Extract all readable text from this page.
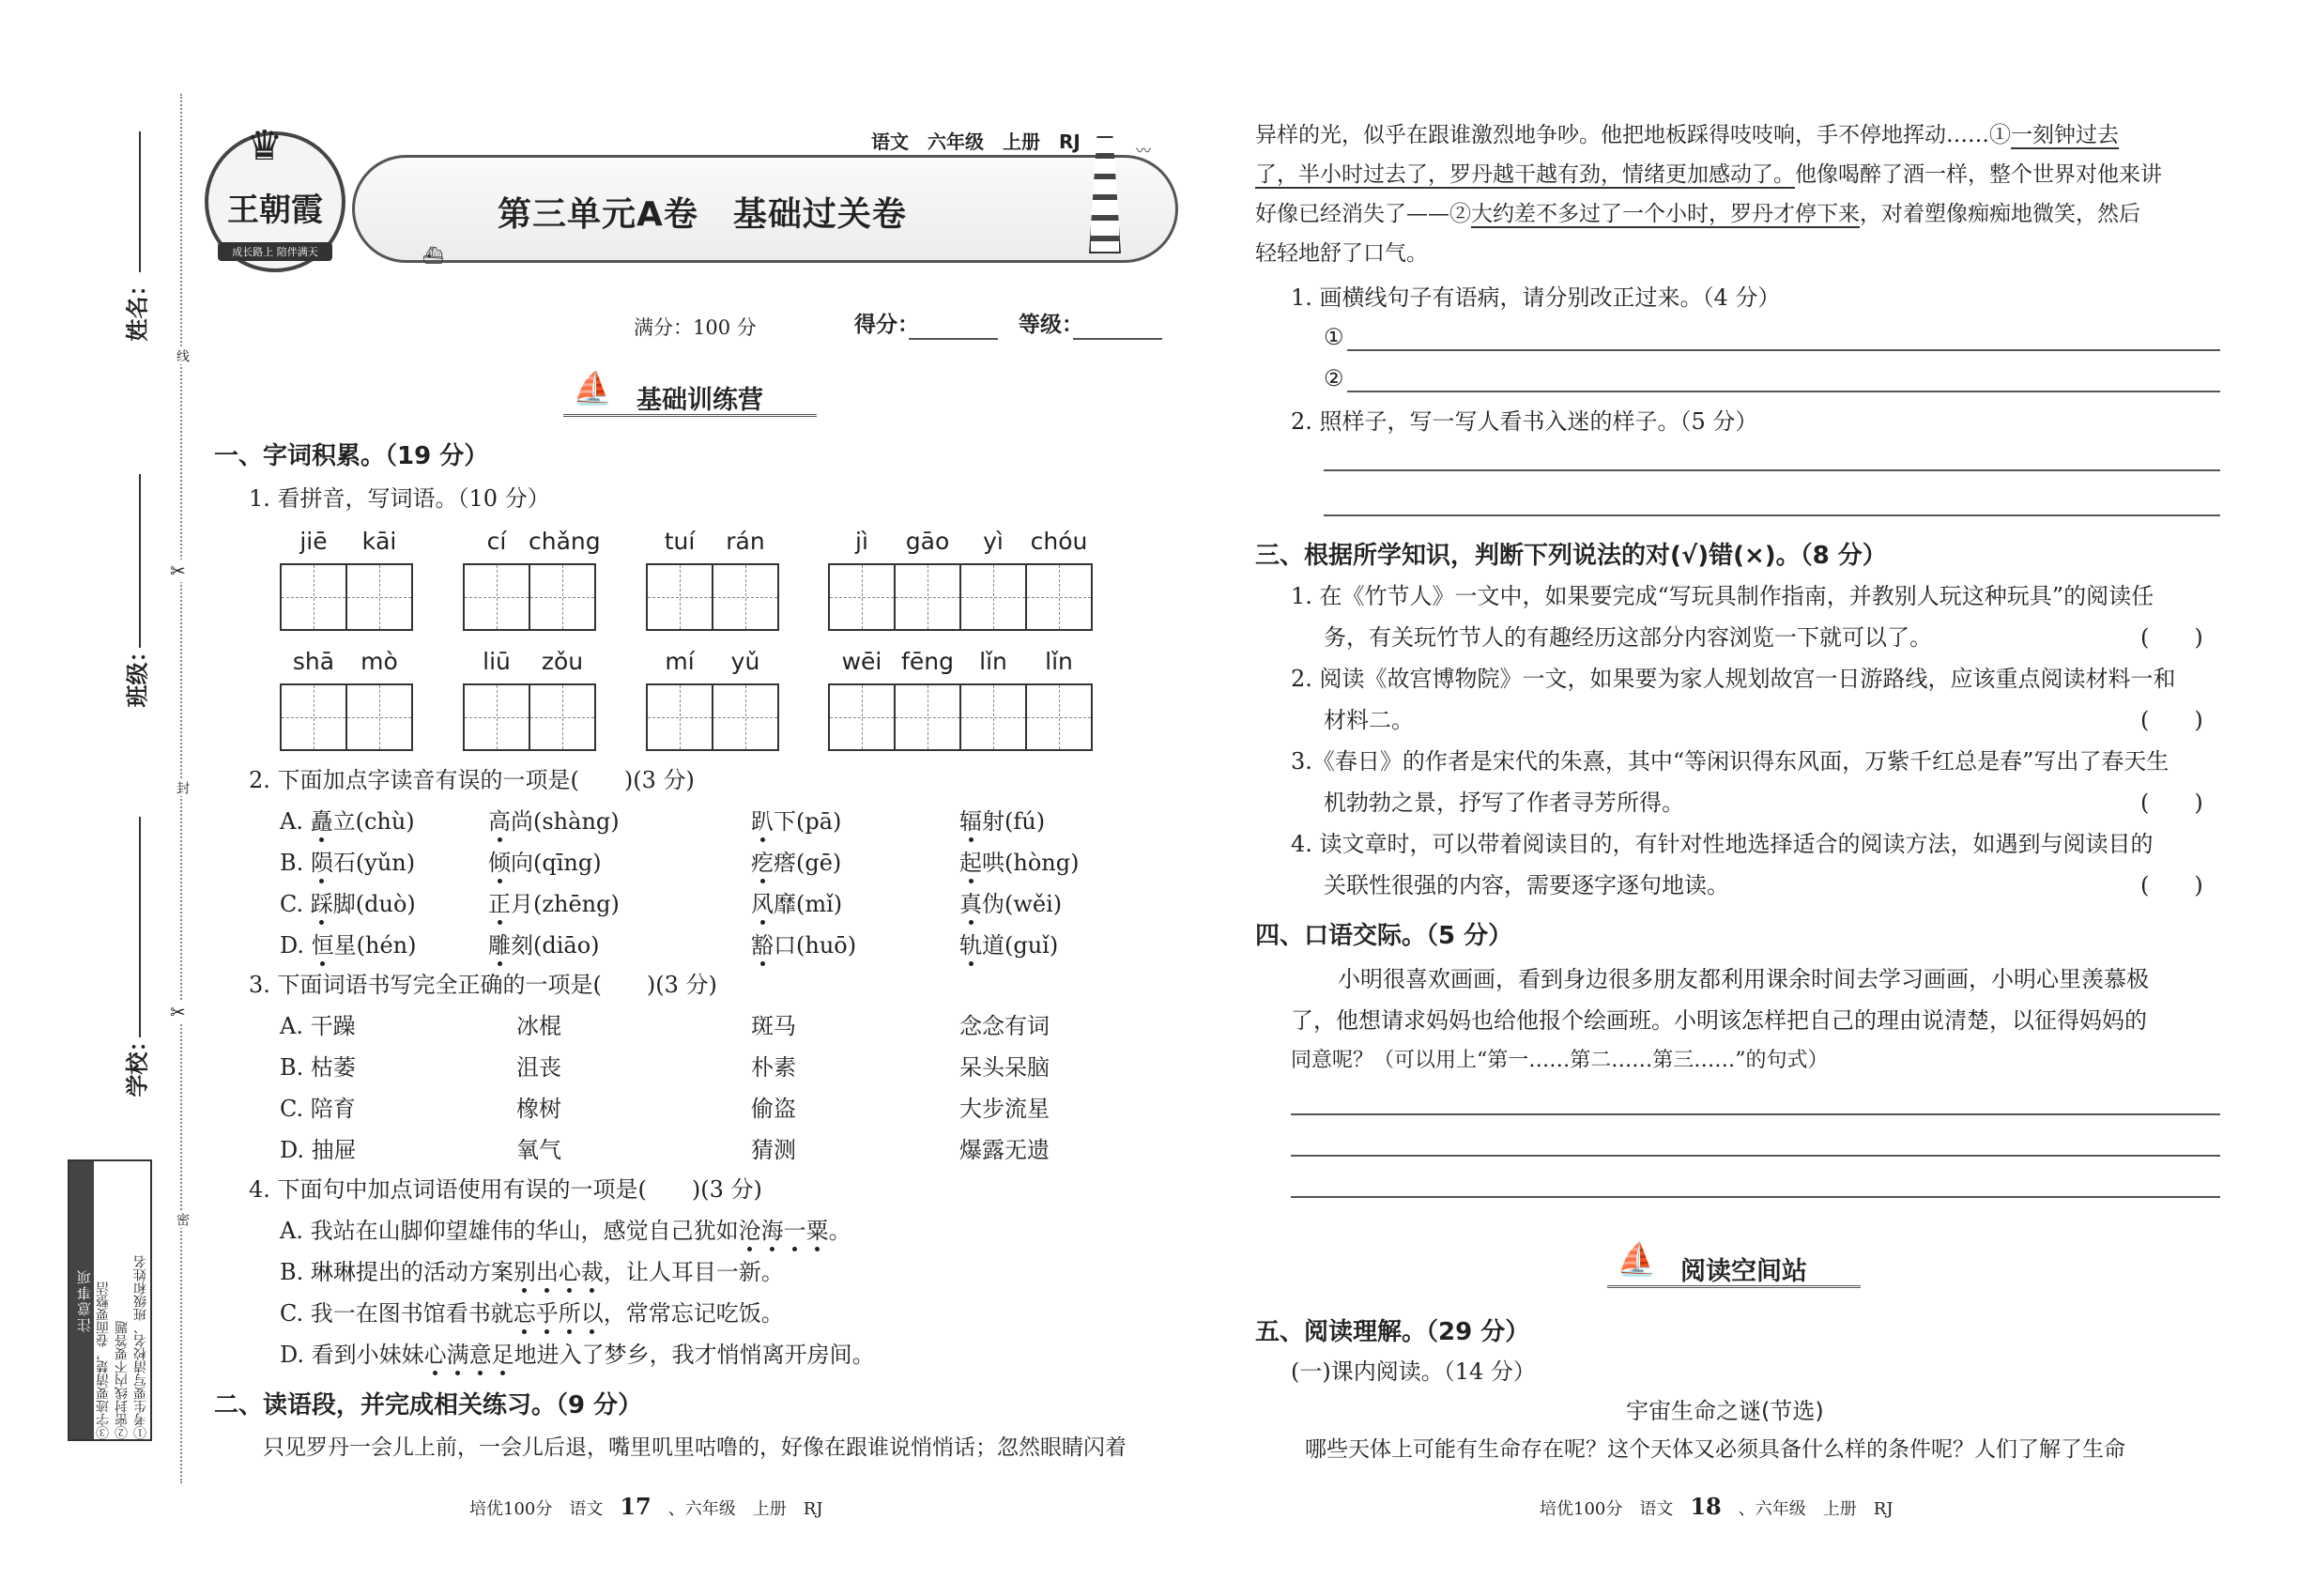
姓名：
班级：
学校：
线
封
密
✂
✂
注意事项	①考生要写清校名、班级和姓名
②密封线内不要答题
③字迹要清楚，卷面要整洁
♛
王朝霞
成长路上 陪伴满天
语文　 六年级　 上册　 RJ
第三单元A卷　基础过关卷
⛴
〰
满分：100 分	得分：	等级：
⛵ 基础训练营
一、字词积累。（19 分）
1. 看拼音，写词语。（10 分）
jiē	kāi	cí chǎng	tuí	rán	jì	gāo	yì	chóu
shā	mò	liū	zǒu	mí	yǔ	wēi fēng	lǐn	lǐn
2. 下面加点字读音有误的一项是(　　)(3 分)
A. 矗立(chù)	高尚(shàng)	趴下(pā)	辐射(fú)
B. 陨石(yǔn)	倾向(qīng)	疙瘩(gē)	起哄(hòng)
C. 踩脚(duò)	正月(zhēng)	风靡(mǐ)	真伪(wěi)
D. 恒星(hén)	雕刻(diāo)	豁口(huō)	轨道(guǐ)
3. 下面词语书写完全正确的一项是(　　)(3 分)
A. 干躁	冰棍	斑马	念念有词
B. 枯萎	沮丧	朴素	呆头呆脑
C. 陪育	橡树	偷盗	大步流星
D. 抽屉	氧气	猜测	爆露无遗
4. 下面句中加点词语使用有误的一项是(　　)(3 分)
A. 我站在山脚仰望雄伟的华山，感觉自己犹如沧海一粟。
B. 琳琳提出的活动方案别出心裁，让人耳目一新。
C. 我一在图书馆看书就忘乎所以，常常忘记吃饭。
D. 看到小妹妹心满意足地进入了梦乡，我才悄悄离开房间。
二、读语段，并完成相关练习。（9 分）
只见罗丹一会儿上前，一会儿后退，嘴里叽里咕噜的，好像在跟谁说悄悄话；忽然眼睛闪着
培优100分　语文　 17　、六年级　上册　RJ
异样的光，似乎在跟谁激烈地争吵。他把地板踩得吱吱响，手不停地挥动……①一刻钟过去
了，半小时过去了，罗丹越干越有劲，情绪更加感动了。他像喝醉了酒一样，整个世界对他来讲
好像已经消失了——②大约差不多过了一个小时，罗丹才停下来，对着塑像痴痴地微笑，然后
轻轻地舒了口气。
1. 画横线句子有语病，请分别改正过来。（4 分）
①
②
2. 照样子，写一写人看书入迷的样子。（5 分）
三、根据所学知识，判断下列说法的对(√)错(×)。（8 分）
1. 在《竹节人》一文中，如果要完成“写玩具制作指南，并教别人玩这种玩具”的阅读任
务，有关玩竹节人的有趣经历这部分内容浏览一下就可以了。	(　　)
2. 阅读《故宫博物院》一文，如果要为家人规划故宫一日游路线，应该重点阅读材料一和
材料二。	(　　)
3.《春日》的作者是宋代的朱熹，其中“等闲识得东风面，万紫千红总是春”写出了春天生
机勃勃之景，抒写了作者寻芳所得。	(　　)
4. 读文章时，可以带着阅读目的，有针对性地选择适合的阅读方法，如遇到与阅读目的
关联性很强的内容，需要逐字逐句地读。	(　　)
四、口语交际。（5 分）
小明很喜欢画画，看到身边很多朋友都利用课余时间去学习画画，小明心里羡慕极
了，他想请求妈妈也给他报个绘画班。小明该怎样把自己的理由说清楚，以征得妈妈的
同意呢？（可以用上“第一……第二……第三……”的句式）
⛵ 阅读空间站
五、阅读理解。（29 分）
(一)课内阅读。（14 分）
宇宙生命之谜(节选)
哪些天体上可能有生命存在呢？这个天体又必须具备什么样的条件呢？人们了解了生命
培优100分　语文　 18　、六年级　上册　RJ
